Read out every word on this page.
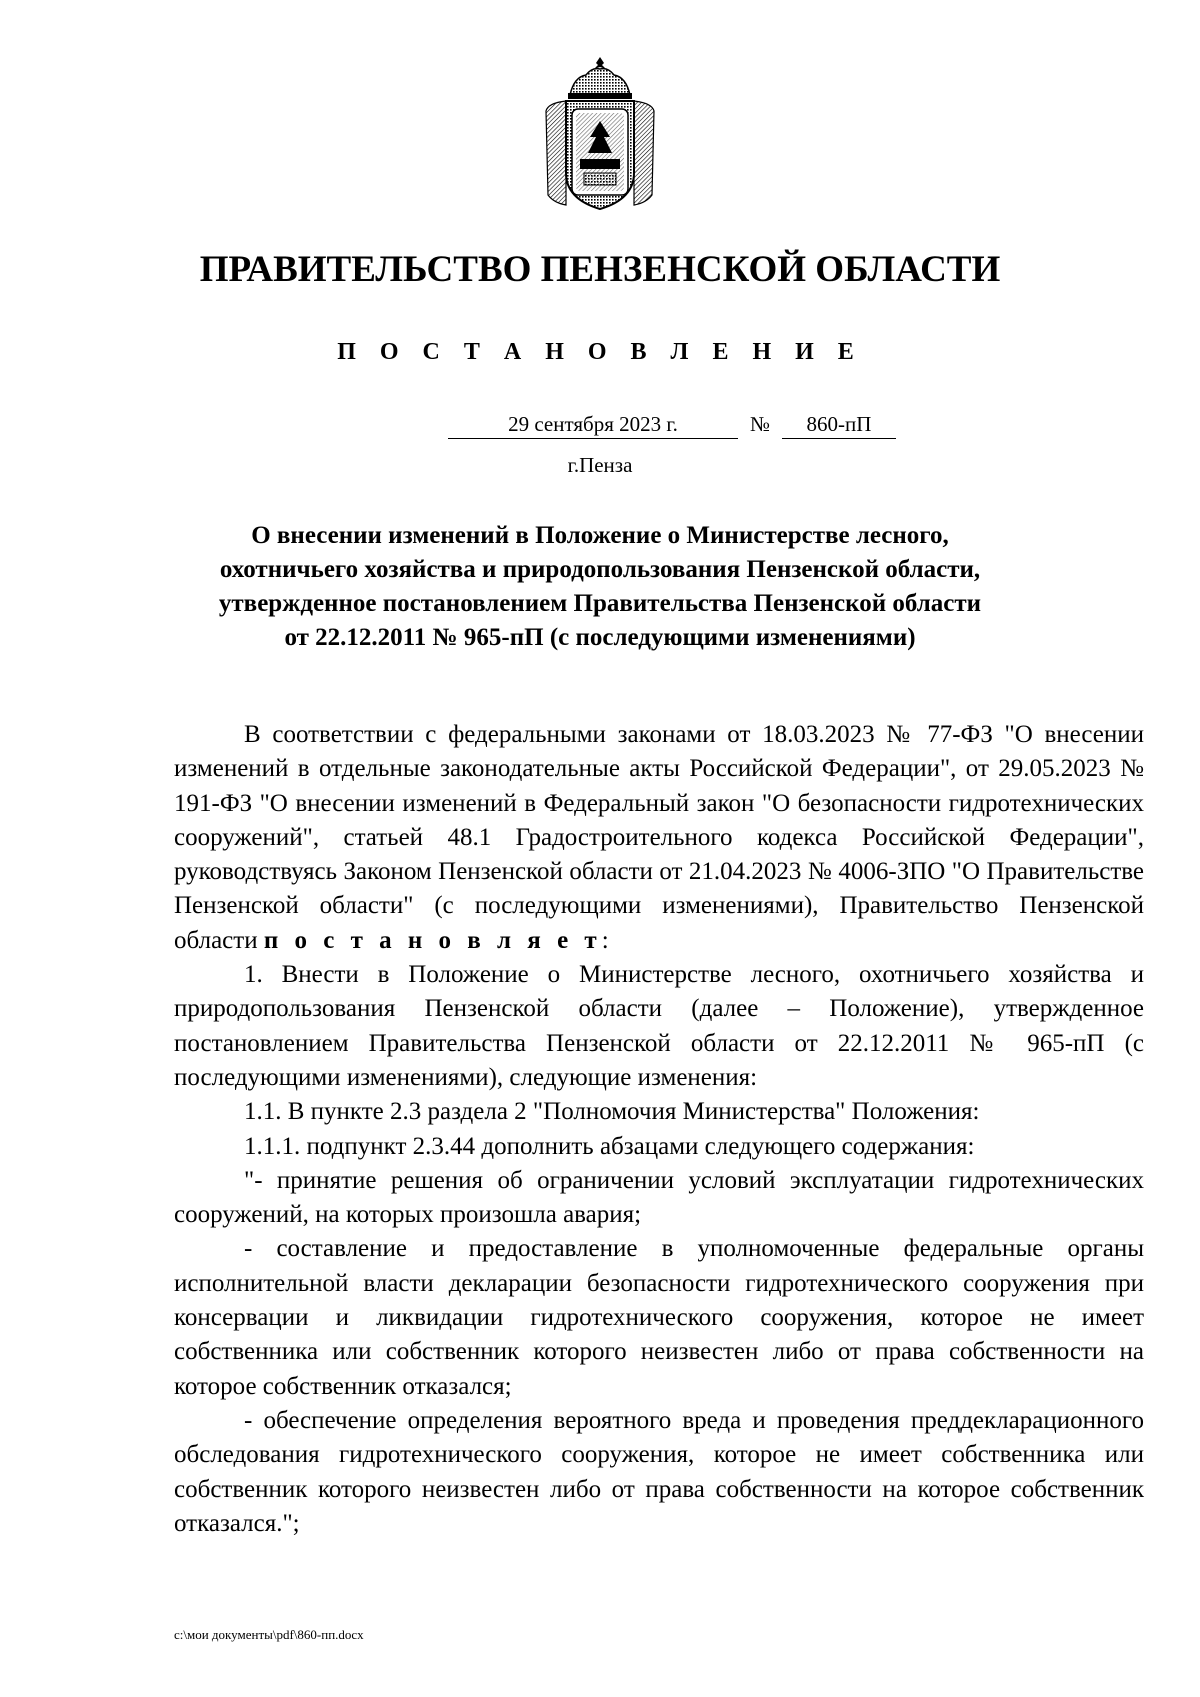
ПРАВИТЕЛЬСТВО ПЕНЗЕНСКОЙ ОБЛАСТИ
П О С Т А Н О В Л Е Н И Е
29 сентября 2023 г.	№	860-пП
г.Пенза
О внесении изменений в Положение о Министерстве лесного,
охотничьего хозяйства и природопользования Пензенской области,
утвержденное постановлением Правительства Пензенской области
от 22.12.2011 № 965-пП (с последующими изменениями)

В соответствии с федеральными законами от 18.03.2023 № 77-ФЗ "О внесении изменений в отдельные законодательные акты Российской Федерации", от 29.05.2023 № 191-ФЗ "О внесении изменений в Федеральный закон "О безопасности гидротехнических сооружений", статьей 48.1 Градостроительного кодекса Российской Федерации", руководствуясь Законом Пензенской области от 21.04.2023 № 4006-ЗПО "О Правительстве Пензенской области" (с последующими изменениями), Правительство Пензенской области п о с т а н о в л я е т:

1. Внести в Положение о Министерстве лесного, охотничьего хозяйства и природопользования Пензенской области (далее – Положение), утвержденное постановлением Правительства Пензенской области от 22.12.2011 № 965-пП (с последующими изменениями), следующие изменения:

1.1. В пункте 2.3 раздела 2 "Полномочия Министерства" Положения:

1.1.1. подпункт 2.3.44 дополнить абзацами следующего содержания:

"- принятие решения об ограничении условий эксплуатации гидротехнических сооружений, на которых произошла авария;

- составление и предоставление в уполномоченные федеральные органы исполнительной власти декларации безопасности гидротехнического сооружения при консервации и ликвидации гидротехнического сооружения, которое не имеет собственника или собственник которого неизвестен либо от права собственности на которое собственник отказался;

- обеспечение определения вероятного вреда и проведения преддекларационного обследования гидротехнического сооружения, которое не имеет собственника или собственник которого неизвестен либо от права собственности на которое собственник отказался.";

c:\мои документы\pdf\860-пп.docx
